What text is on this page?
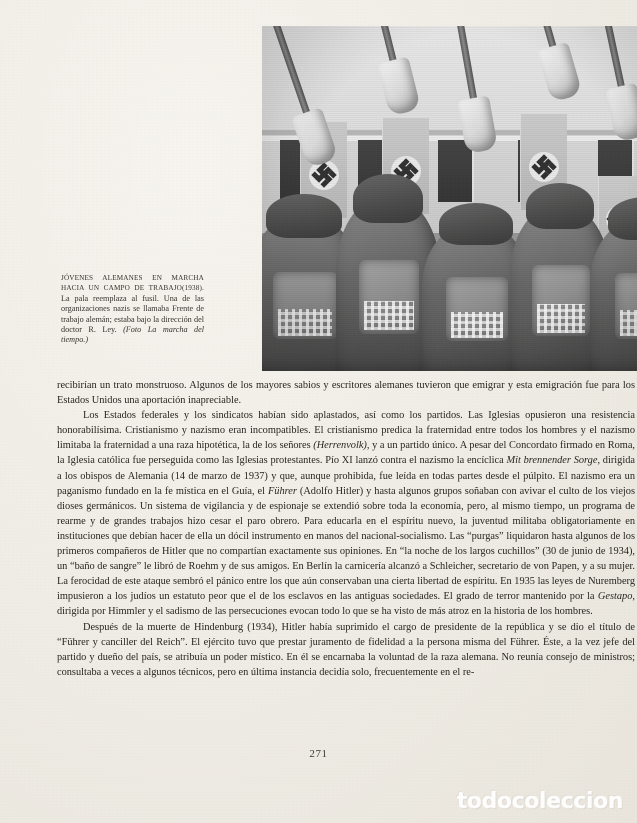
JÓVENES ALEMANES EN MARCHA HACIA UN CAMPO DE TRABAJO(1938). La pala reemplaza al fusil. Una de las organizaciones nazis se llamaba Frente de trabajo alemán; estaba bajo la dirección del doctor R. Ley. (Foto La marcha del tiempo.)

recibirían un trato monstruoso. Algunos de los mayores sabios y escritores alemanes tuvieron que emigrar y esta emigración fue para los Estados Unidos una aportación inapreciable.

Los Estados federales y los sindicatos habían sido aplastados, así como los partidos. Las Iglesias opusieron una resistencia honorabilísima. Cristianismo y nazismo eran incompatibles. El cristianismo predica la fraternidad entre todos los hombres y el nazismo limitaba la fraternidad a una raza hipotética, la de los señores (Herrenvolk), y a un partido único. A pesar del Concordato firmado en Roma, la Iglesia católica fue perseguida como las Iglesias protestantes. Pío XI lanzó contra el nazismo la encíclica Mit brennender Sorge, dirigida a los obispos de Alemania (14 de marzo de 1937) y que, aunque prohibida, fue leída en todas partes desde el púlpito. El nazismo era un paganismo fundado en la fe mística en el Guía, el Führer (Adolfo Hitler) y hasta algunos grupos soñaban con avivar el culto de los viejos dioses germánicos. Un sistema de vigilancia y de espionaje se extendió sobre toda la economía, pero, al mismo tiempo, un programa de rearme y de grandes trabajos hizo cesar el paro obrero. Para educarla en el espíritu nuevo, la juventud militaba obligatoriamente en instituciones que debían hacer de ella un dócil instrumento en manos del nacional-socialismo. Las “purgas” liquidaron hasta algunos de los primeros compañeros de Hitler que no compartían exactamente sus opiniones. En “la noche de los largos cuchillos” (30 de junio de 1934), un “baño de sangre” le libró de Roehm y de sus amigos. En Berlín la carnicería alcanzó a Schleicher, secretario de von Papen, y a su mujer. La ferocidad de este ataque sembró el pánico entre los que aún conservaban una cierta libertad de espíritu. En 1935 las leyes de Nuremberg impusieron a los judíos un estatuto peor que el de los esclavos en las antiguas sociedades. El grado de terror mantenido por la Gestapo, dirigida por Himmler y el sadismo de las persecuciones evocan todo lo que se ha visto de más atroz en la historia de los hombres.

Después de la muerte de Hindenburg (1934), Hitler había suprimido el cargo de presidente de la república y se dio el título de “Führer y canciller del Reich”. El ejército tuvo que prestar juramento de fidelidad a la persona misma del Führer. Éste, a la vez jefe del partido y dueño del país, se atribuía un poder místico. En él se encarnaba la voluntad de la raza alemana. No reunía consejo de ministros; consultaba a veces a algunos técnicos, pero en última instancia decidía solo, frecuentemente en el re-

271
todocoleccion
